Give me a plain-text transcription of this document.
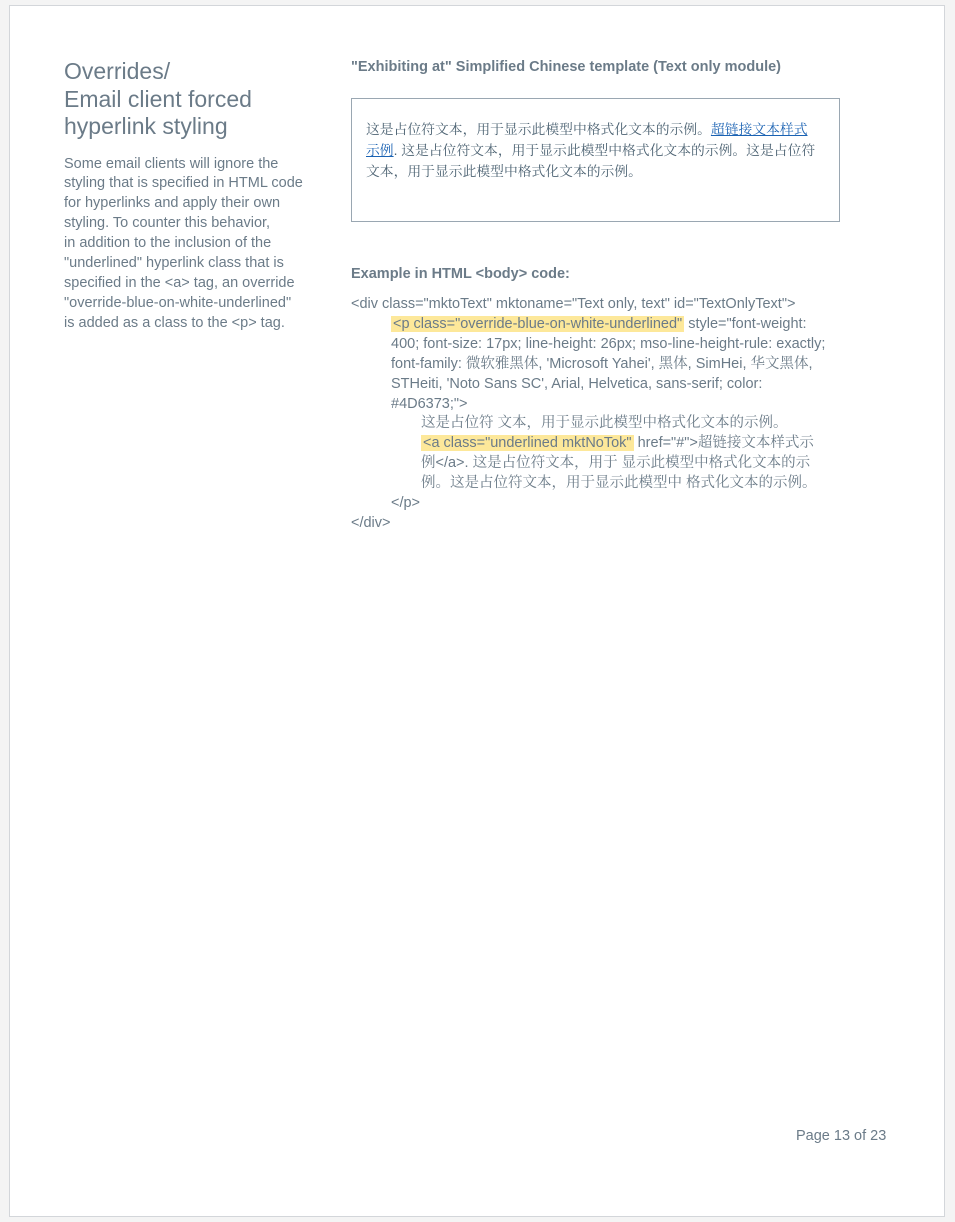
Overrides/
Email client forced
hyperlink styling
Some email clients will ignore the
styling that is specified in HTML code
for hyperlinks and apply their own
styling. To counter this behavior,
in addition to the inclusion of the
"underlined" hyperlink class that is
specified in the <a> tag, an override
"override-blue-on-white-underlined"
is added as a class to the <p> tag.
"Exhibiting at" Simplified Chinese template (Text only module)
这是占位符文本，用于显示此模型中格式化文本的示例。超链接文本样式
示例. 这是占位符文本，用于显示此模型中格式化文本的示例。这是占位符
文本，用于显示此模型中格式化文本的示例。
Example in HTML <body> code:
<div class="mktoText" mktoname="Text only, text" id="TextOnlyText">
<p class="override-blue-on-white-underlined" style="font-weight:
400; font-size: 17px; line-height: 26px; mso-line-height-rule: exactly;
font-family: 微软雅黑体, 'Microsoft Yahei', 黑体, SimHei, 华文黑体,
STHeiti, 'Noto Sans SC', Arial, Helvetica, sans-serif; color:
#4D6373;">
这是占位符 文本，用于显示此模型中格式化文本的示例。
<a class="underlined mktNoTok" href="#">超链接文本样式示
例</a>. 这是占位符文本，用于 显示此模型中格式化文本的示
例。这是占位符文本，用于显示此模型中 格式化文本的示例。
</p>
</div>
Page 13 of 23
